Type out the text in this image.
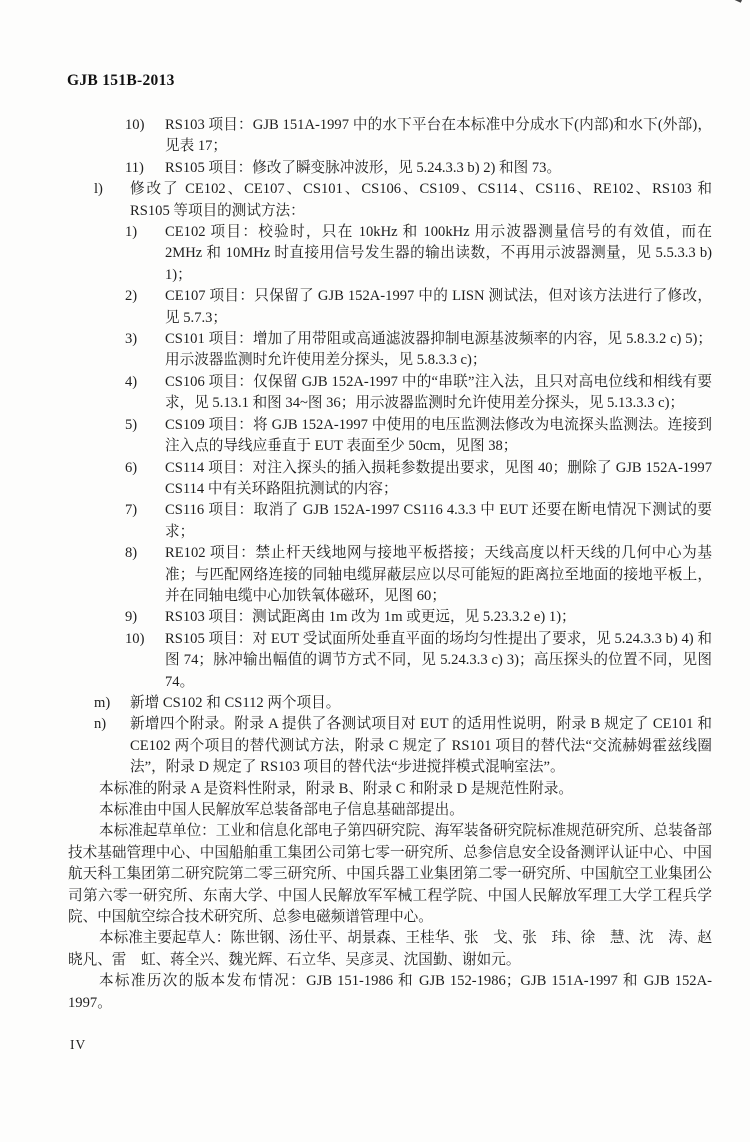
GJB 151B-2013
10)	RS103 项目：GJB 151A-1997 中的水下平台在本标准中分成水下(内部)和水下(外部)，见表 17；
11)	RS105 项目：修改了瞬变脉冲波形，见 5.24.3.3 b) 2) 和图 73。
l)	修改了 CE102、CE107、CS101、CS106、CS109、CS114、CS116、RE102、RS103 和 RS105 等项目的测试方法：
1)	CE102 项目：校验时，只在 10kHz 和 100kHz 用示波器测量信号的有效值，而在 2MHz 和 10MHz 时直接用信号发生器的输出读数，不再用示波器测量，见 5.5.3.3 b) 1)；
2)	CE107 项目：只保留了 GJB 152A-1997 中的 LISN 测试法，但对该方法进行了修改，见 5.7.3；
3)	CS101 项目：增加了用带阻或高通滤波器抑制电源基波频率的内容，见 5.8.3.2 c) 5)；用示波器监测时允许使用差分探头，见 5.8.3.3 c)；
4)	CS106 项目：仅保留 GJB 152A-1997 中的“串联”注入法，且只对高电位线和相线有要求，见 5.13.1 和图 34~图 36；用示波器监测时允许使用差分探头，见 5.13.3.3 c)；
5)	CS109 项目：将 GJB 152A-1997 中使用的电压监测法修改为电流探头监测法。连接到注入点的导线应垂直于 EUT 表面至少 50cm，见图 38；
6)	CS114 项目：对注入探头的插入损耗参数提出要求，见图 40；删除了 GJB 152A-1997 CS114 中有关环路阻抗测试的内容；
7)	CS116 项目：取消了 GJB 152A-1997 CS116 4.3.3 中 EUT 还要在断电情况下测试的要求；
8)	RE102 项目：禁止杆天线地网与接地平板搭接；天线高度以杆天线的几何中心为基准；与匹配网络连接的同轴电缆屏蔽层应以尽可能短的距离拉至地面的接地平板上，并在同轴电缆中心加铁氧体磁环，见图 60；
9)	RS103 项目：测试距离由 1m 改为 1m 或更远，见 5.23.3.2 e) 1)；
10)	RS105 项目：对 EUT 受试面所处垂直平面的场均匀性提出了要求，见 5.24.3.3 b) 4) 和图 74；脉冲输出幅值的调节方式不同，见 5.24.3.3 c) 3)；高压探头的位置不同，见图 74。
m)	新增 CS102 和 CS112 两个项目。
n)	新增四个附录。附录 A 提供了各测试项目对 EUT 的适用性说明，附录 B 规定了 CE101 和 CE102 两个项目的替代测试方法，附录 C 规定了 RS101 项目的替代法“交流赫姆霍兹线圈法”，附录 D 规定了 RS103 项目的替代法“步进搅拌模式混响室法”。

本标准的附录 A 是资料性附录，附录 B、附录 C 和附录 D 是规范性附录。

本标准由中国人民解放军总装备部电子信息基础部提出。

本标准起草单位：工业和信息化部电子第四研究院、海军装备研究院标准规范研究所、总装备部技术基础管理中心、中国船舶重工集团公司第七零一研究所、总参信息安全设备测评认证中心、中国航天科工集团第二研究院第二零三研究所、中国兵器工业集团第二零一研究所、中国航空工业集团公司第六零一研究所、东南大学、中国人民解放军军械工程学院、中国人民解放军理工大学工程兵学院、中国航空综合技术研究所、总参电磁频谱管理中心。

本标准主要起草人：陈世钢、汤仕平、胡景森、王桂华、张　戈、张　玮、徐　慧、沈　涛、赵晓凡、雷　虹、蒋全兴、魏光辉、石立华、吴彦灵、沈国勤、谢如元。

本标准历次的版本发布情况：GJB 151-1986 和 GJB 152-1986；GJB 151A-1997 和 GJB 152A-1997。

IV
